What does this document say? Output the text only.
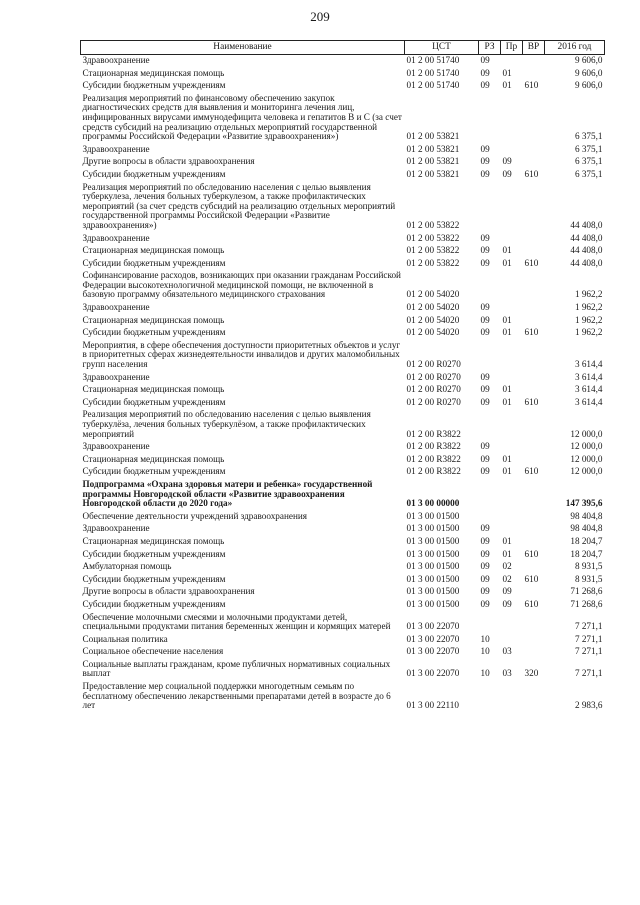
209
Наименование	ЦСТ	РЗ	Пр	ВР	2016 год
Здравоохранение	01 2 00 51740	09			9 606,0
Стационарная медицинская помощь	01 2 00 51740	09	01		9 606,0
Субсидии бюджетным учреждениям	01 2 00 51740	09	01	610	9 606,0
Реализация мероприятий по финансовому обеспечению закупок диагностических средств для выявления и мониторинга лечения лиц, инфицированных вирусами иммунодефицита человека и гепатитов В и С (за счет средств субсидий на реализацию отдельных мероприятий государственной программы Российской Федерации «Развитие здравоохранения»)	01 2 00 53821				6 375,1
Здравоохранение	01 2 00 53821	09			6 375,1
Другие вопросы в области здравоохранения	01 2 00 53821	09	09		6 375,1
Субсидии бюджетным учреждениям	01 2 00 53821	09	09	610	6 375,1
Реализация мероприятий по обследованию населения с целью выявления туберкулеза, лечения больных туберкулезом, а также профилактических мероприятий (за счет средств субсидий на реализацию отдельных мероприятий государственной программы Российской Федерации «Развитие здравоохранения»)	01 2 00 53822				44 408,0
Здравоохранение	01 2 00 53822	09			44 408,0
Стационарная медицинская помощь	01 2 00 53822	09	01		44 408,0
Субсидии бюджетным учреждениям	01 2 00 53822	09	01	610	44 408,0
Софинансирование расходов, возникающих при оказании гражданам Российской Федерации высокотехнологичной медицинской помощи, не включенной в базовую программу обязательного медицинского страхования	01 2 00 54020				1 962,2
Здравоохранение	01 2 00 54020	09			1 962,2
Стационарная медицинская помощь	01 2 00 54020	09	01		1 962,2
Субсидии бюджетным учреждениям	01 2 00 54020	09	01	610	1 962,2
Мероприятия, в сфере обеспечения доступности приоритетных объектов и услуг в приоритетных сферах жизнедеятельности инвалидов и других маломобильных групп населения	01 2 00 R0270				3 614,4
Здравоохранение	01 2 00 R0270	09			3 614,4
Стационарная медицинская помощь	01 2 00 R0270	09	01		3 614,4
Субсидии бюджетным учреждениям	01 2 00 R0270	09	01	610	3 614,4
Реализация мероприятий по обследованию населения с целью выявления туберкулёза, лечения больных туберкулёзом, а также профилактических мероприятий	01 2 00 R3822				12 000,0
Здравоохранение	01 2 00 R3822	09			12 000,0
Стационарная медицинская помощь	01 2 00 R3822	09	01		12 000,0
Субсидии бюджетным учреждениям	01 2 00 R3822	09	01	610	12 000,0
Подпрограмма «Охрана здоровья матери и ребенка» государственной программы Новгородской области «Развитие здравоохранения Новгородской области до 2020 года»	01 3 00 00000				147 395,6
Обеспечение деятельности учреждений здравоохранения	01 3 00 01500				98 404,8
Здравоохранение	01 3 00 01500	09			98 404,8
Стационарная медицинская помощь	01 3 00 01500	09	01		18 204,7
Субсидии бюджетным учреждениям	01 3 00 01500	09	01	610	18 204,7
Амбулаторная помощь	01 3 00 01500	09	02		8 931,5
Субсидии бюджетным учреждениям	01 3 00 01500	09	02	610	8 931,5
Другие вопросы в области здравоохранения	01 3 00 01500	09	09		71 268,6
Субсидии бюджетным учреждениям	01 3 00 01500	09	09	610	71 268,6
Обеспечение молочными смесями и молочными продуктами детей, специальными продуктами питания беременных женщин и кормящих матерей	01 3 00 22070				7 271,1
Социальная политика	01 3 00 22070	10			7 271,1
Социальное обеспечение населения	01 3 00 22070	10	03		7 271,1
Социальные выплаты гражданам, кроме публичных нормативных социальных выплат	01 3 00 22070	10	03	320	7 271,1
Предоставление мер социальной поддержки многодетным семьям по бесплатному обеспечению лекарственными препаратами детей в возрасте до 6 лет	01 3 00 22110				2 983,6
